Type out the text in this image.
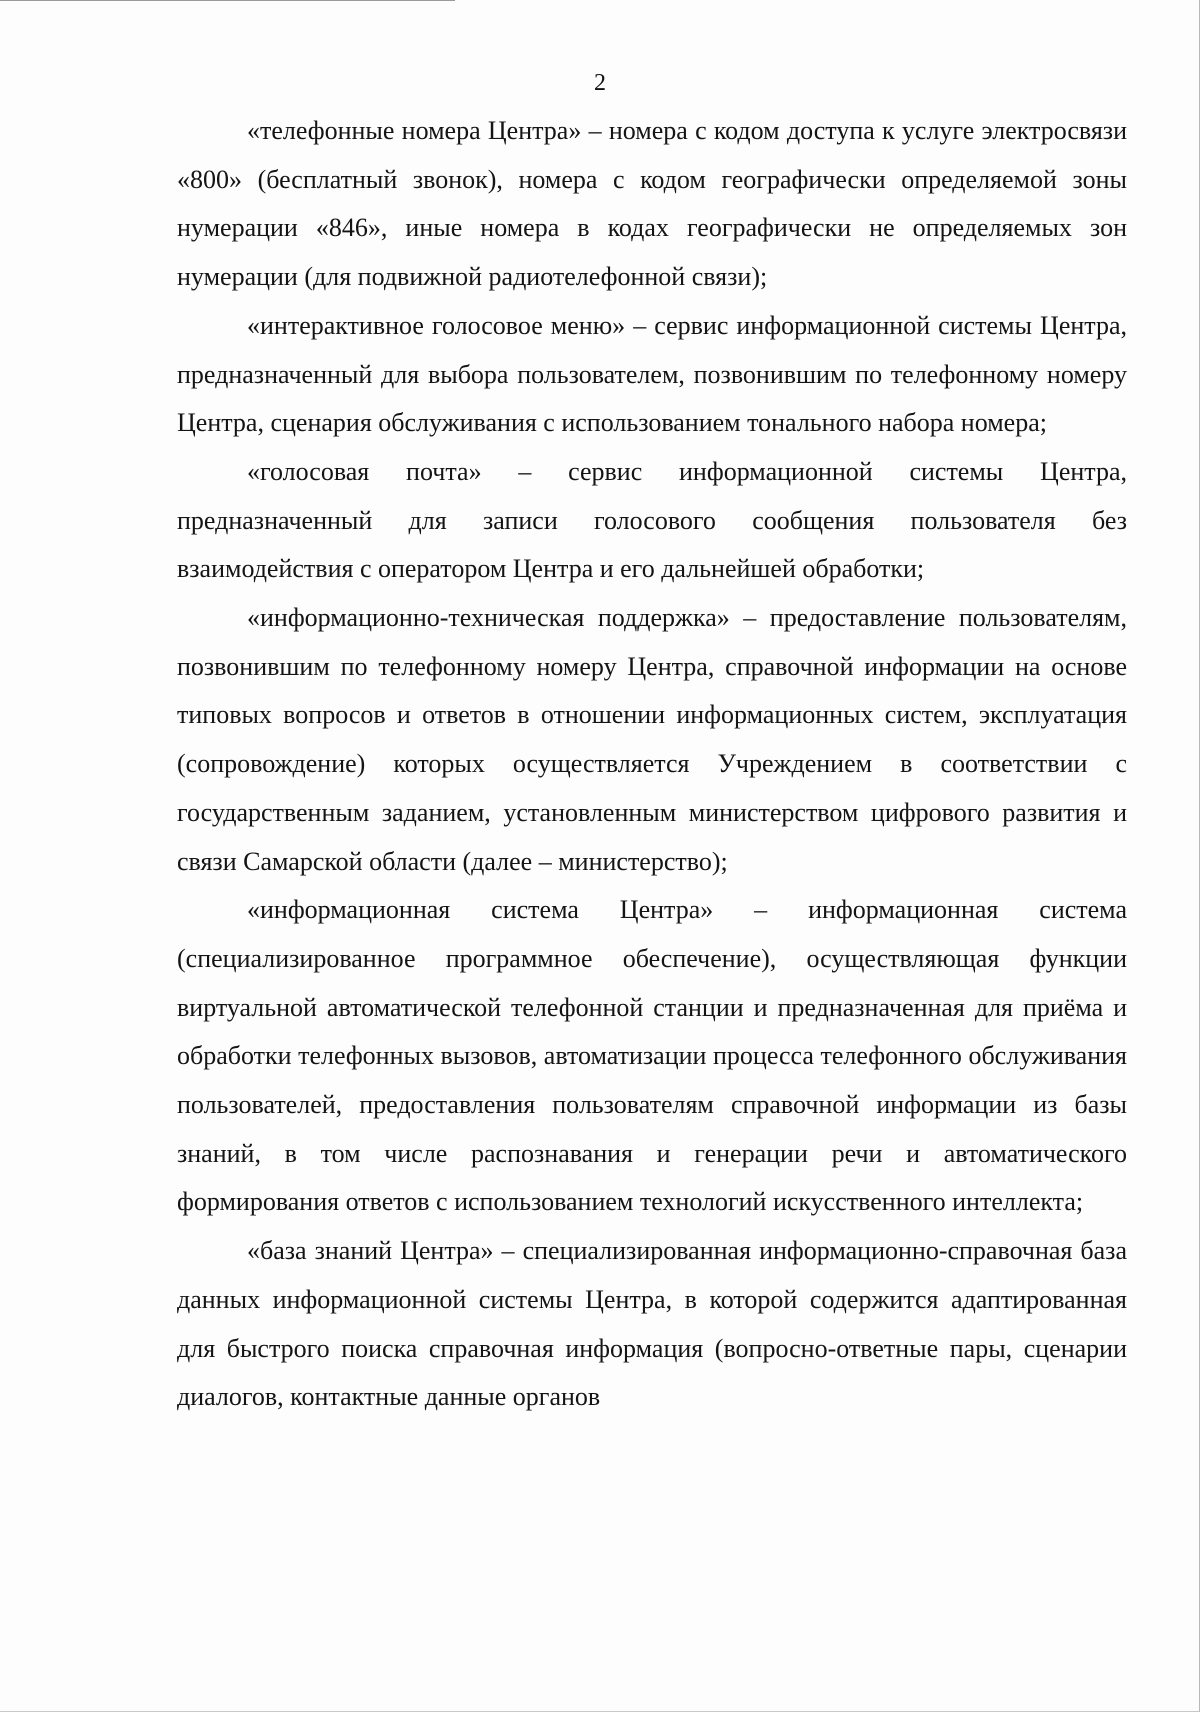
2

«телефонные номера Центра» – номера с кодом доступа к услуге электросвязи «800» (бесплатный звонок), номера с кодом географически определяемой зоны нумерации «846», иные номера в кодах географически не определяемых зон нумерации (для подвижной радиотелефонной связи);

«интерактивное голосовое меню» – сервис информационной системы Центра, предназначенный для выбора пользователем, позвонившим по телефонному номеру Центра, сценария обслуживания с использованием тонального набора номера;

«голосовая почта» – сервис информационной системы Центра, предназначенный для записи голосового сообщения пользователя без взаимодействия с оператором Центра и его дальнейшей обработки;

«информационно-техническая поддержка» – предоставление пользователям, позвонившим по телефонному номеру Центра, справочной информации на основе типовых вопросов и ответов в отношении информационных систем, эксплуатация (сопровождение) которых осуществляется Учреждением в соответствии с государственным заданием, установленным министерством цифрового развития и связи Самарской области (далее – министерство);

«информационная система Центра» – информационная система (специализированное программное обеспечение), осуществляющая функции виртуальной автоматической телефонной станции и предназначенная для приёма и обработки телефонных вызовов, автоматизации процесса телефонного обслуживания пользователей, предоставления пользователям справочной информации из базы знаний, в том числе распознавания и генерации речи и автоматического формирования ответов с использованием технологий искусственного интеллекта;

«база знаний Центра» – специализированная информационно-справочная база данных информационной системы Центра, в которой содержится адаптированная для быстрого поиска справочная информация (вопросно-ответные пары, сценарии диалогов, контактные данные органов
